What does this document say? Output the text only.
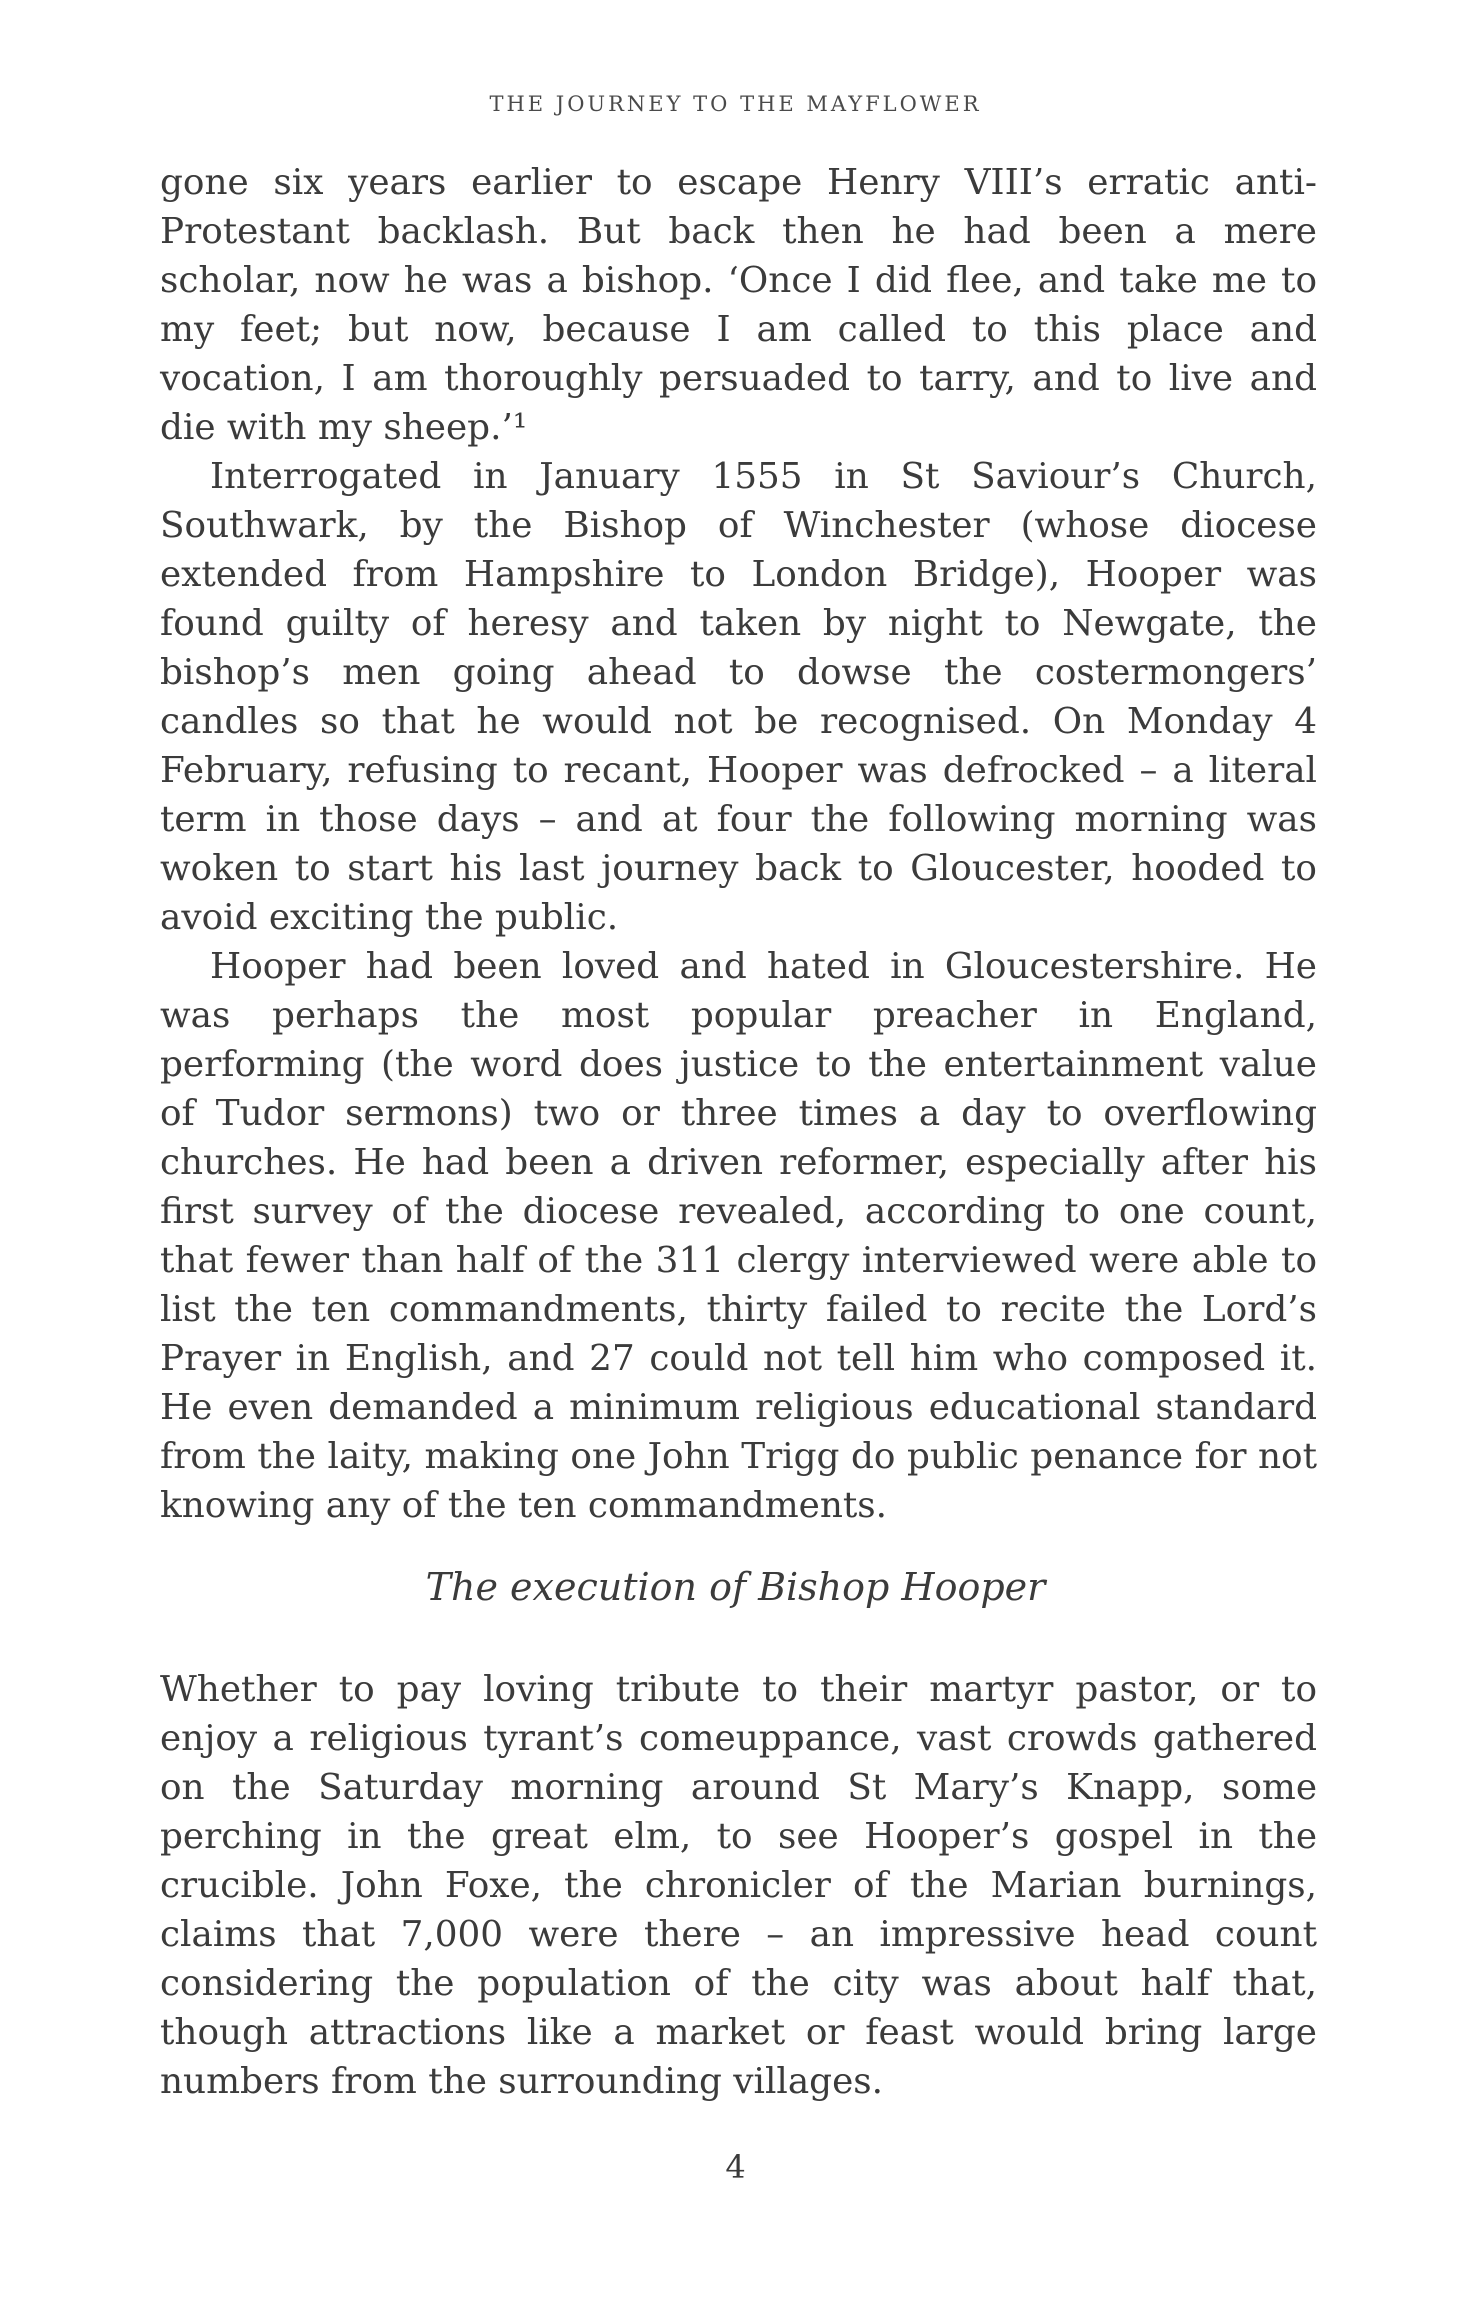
THE JOURNEY TO THE MAYFLOWER

gone six years earlier to escape Henry VIII’s erratic anti-Protestant backlash. But back then he had been a mere scholar, now he was a bishop. ‘Once I did flee, and take me to my feet; but now, because I am called to this place and vocation, I am thoroughly persuaded to tarry, and to live and die with my sheep.’¹

Interrogated in January 1555 in St Saviour’s Church, Southwark, by the Bishop of Winchester (whose diocese extended from Hampshire to London Bridge), Hooper was found guilty of heresy and taken by night to Newgate, the bishop’s men going ahead to dowse the costermongers’ candles so that he would not be recognised. On Monday 4 February, refusing to recant, Hooper was defrocked – a literal term in those days – and at four the following morning was woken to start his last journey back to Gloucester, hooded to avoid exciting the public.

Hooper had been loved and hated in Gloucestershire. He was perhaps the most popular preacher in England, performing (the word does justice to the entertainment value of Tudor sermons) two or three times a day to overflowing churches. He had been a driven reformer, especially after his first survey of the diocese revealed, according to one count, that fewer than half of the 311 clergy interviewed were able to list the ten commandments, thirty failed to recite the Lord’s Prayer in English, and 27 could not tell him who composed it. He even demanded a minimum religious educational standard from the laity, making one John Trigg do public penance for not knowing any of the ten commandments.

The execution of Bishop Hooper

Whether to pay loving tribute to their martyr pastor, or to enjoy a religious tyrant’s comeuppance, vast crowds gathered on the Saturday morning around St Mary’s Knapp, some perching in the great elm, to see Hooper’s gospel in the crucible. John Foxe, the chronicler of the Marian burnings, claims that 7,000 were there – an impressive head count considering the population of the city was about half that, though attractions like a market or feast would bring large numbers from the surrounding villages.

4
